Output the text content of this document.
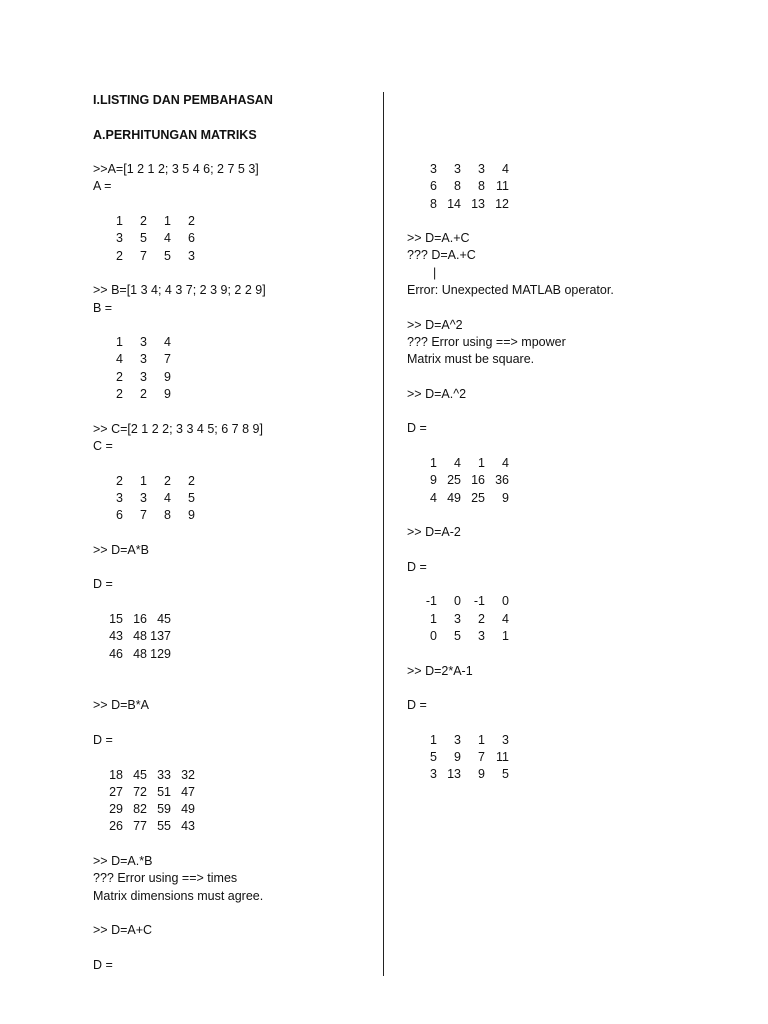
I.LISTING DAN PEMBAHASAN
A.PERHITUNGAN MATRIKS
>>A=[1 2 1 2; 3 5 4 6; 2 7 5 3]
A =
1	2	1	2
3	5	4	6
2	7	5	3
>> B=[1 3 4; 4 3 7; 2 3 9; 2 2 9]
B =
1	3	4
4	3	7
2	3	9
2	2	9
>> C=[2 1 2 2; 3 3 4 5; 6 7 8 9]
C =
2	1	2	2
3	3	4	5
6	7	8	9
>> D=A*B
D =
15 16 45
43 48 137
46 48 129
>> D=B*A
D =
18 45 33 32
27 72 51 47
29 82 59 49
26 77 55 43
>> D=A.*B
??? Error using ==> times
Matrix dimensions must agree.
>> D=A+C
D =
3	3	3	4
6	8	8 11
8 14 13 12
>> D=A.+C
??? D=A.+C
|
Error: Unexpected MATLAB operator.
>> D=A^2
??? Error using ==> mpower
Matrix must be square.
>> D=A.^2
D =
1	4	1	4
9 25 16 36
4 49 25	9
>> D=A-2
D =
-1	0	-1	0
1	3	2	4
0	5	3	1
>> D=2*A-1
D =
1	3	1	3
5	9	7 11
3 13	9	5
